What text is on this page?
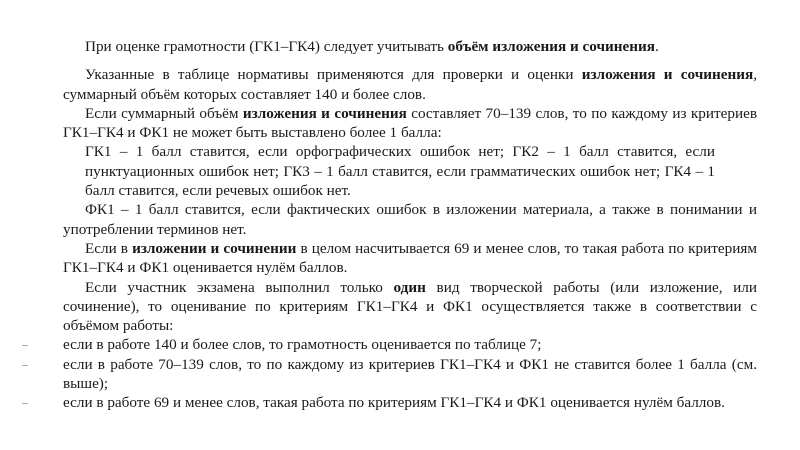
При оценке грамотности (ГК1–ГК4) следует учитывать объём изложения и сочинения.

Указанные в таблице нормативы применяются для проверки и оценки изложения и сочинения, суммарный объём которых составляет 140 и более слов.

Если суммарный объём изложения и сочинения составляет 70–139 слов, то по каждому из критериев ГК1–ГК4 и ФК1 не может быть выставлено более 1 балла:

ГК1 – 1 балл ставится, если орфографических ошибок нет; ГК2 – 1 балл ставится, если
пунктуационных ошибок нет; ГК3 – 1 балл ставится, если грамматических ошибок нет; ГК4 – 1
балл ставится, если речевых ошибок нет.

ФК1 – 1 балл ставится, если фактических ошибок в изложении материала, а также в понимании и употреблении терминов нет.

Если в изложении и сочинении в целом насчитывается 69 и менее слов, то такая работа по критериям ГК1–ГК4 и ФК1 оценивается нулём баллов.

Если участник экзамена выполнил только один вид творческой работы (или изложение, или сочинение), то оценивание по критериям ГК1–ГК4 и ФК1 осуществляется также в соответствии с объёмом работы:

–	если в работе 140 и более слов, то грамотность оценивается по таблице 7;
–	если в работе 70–139 слов, то по каждому из критериев ГК1–ГК4 и ФК1 не ставится более 1 балла (см. выше);
–	если в работе 69 и менее слов, такая работа по критериям ГК1–ГК4 и ФК1 оценивается нулём баллов.
